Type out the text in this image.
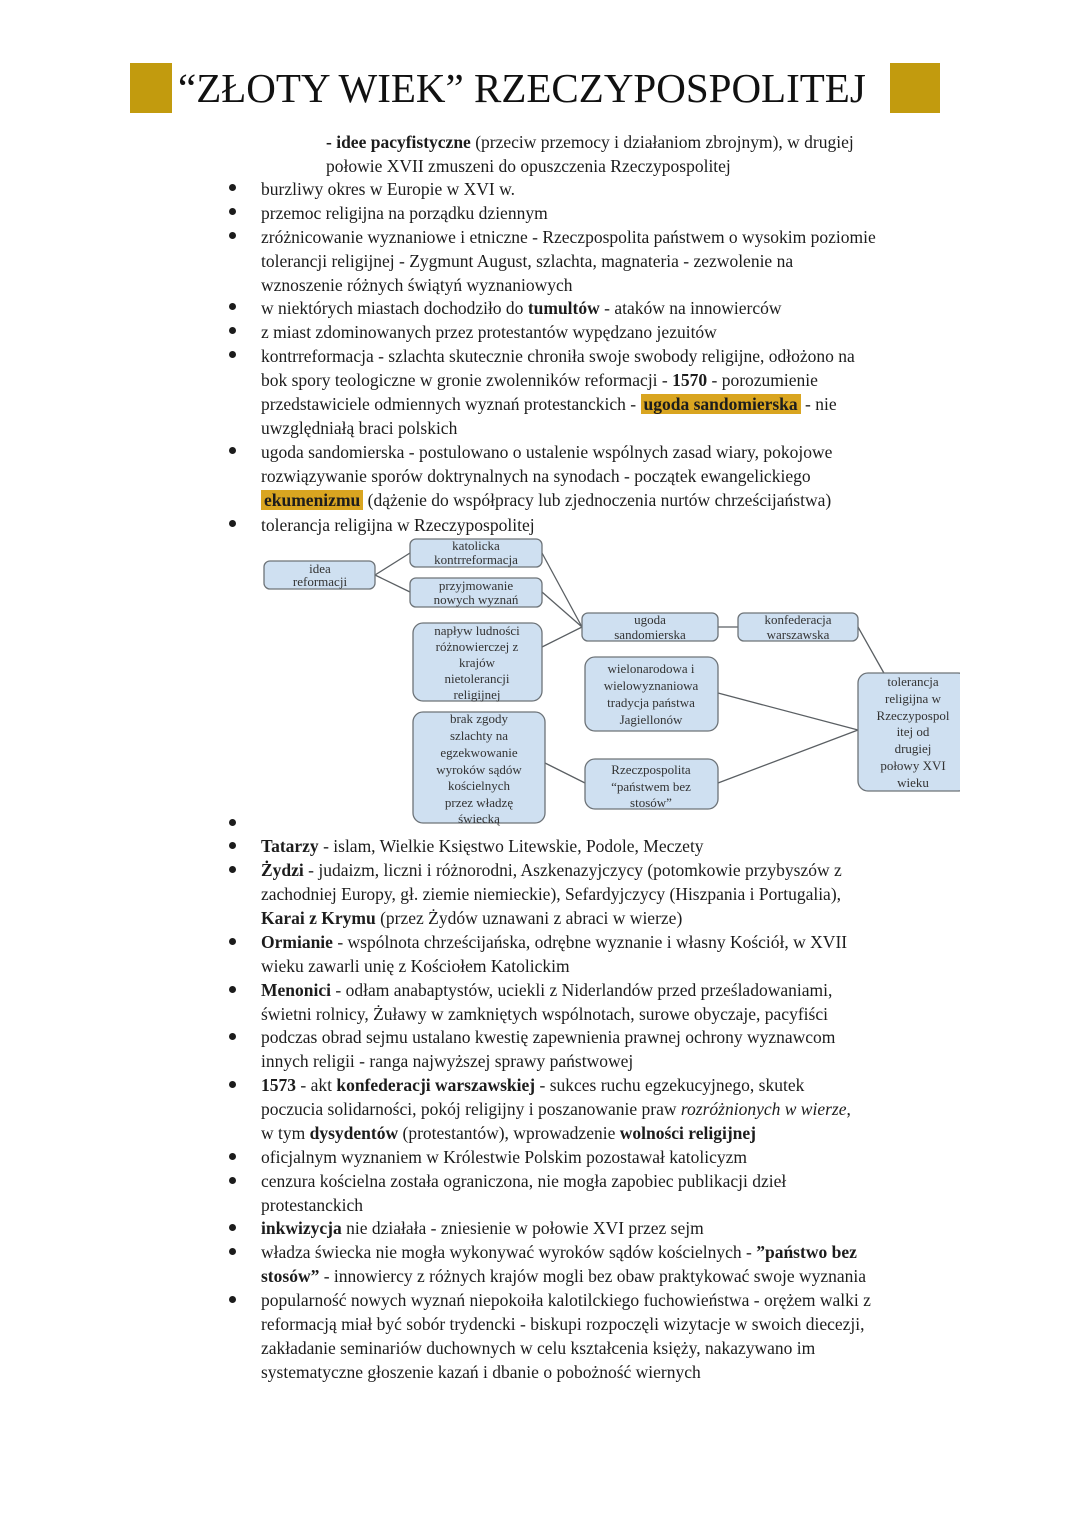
“ZŁOTY WIEK” RZECZYPOSPOLITEJ
- idee pacyfistyczne (przeciw przemocy i działaniom zbrojnym), w drugiej
połowie XVII zmuszeni do opuszczenia Rzeczypospolitej
burzliwy okres w Europie w XVI w.
przemoc religijna na porządku dziennym
zróżnicowanie wyznaniowe i etniczne - Rzeczpospolita państwem o wysokim poziomie
tolerancji religijnej - Zygmunt August, szlachta, magnateria - zezwolenie na
wznoszenie różnych świątyń wyznaniowych
w niektórych miastach dochodziło do tumultów - ataków na innowierców
z miast zdominowanych przez protestantów wypędzano jezuitów
kontrreformacja - szlachta skutecznie chroniła swoje swobody religijne, odłożono na
bok spory teologiczne w gronie zwolenników reformacji - 1570 - porozumienie
przedstawiciele odmiennych wyznań protestanckich - ugoda sandomierska - nie
uwzględniałą braci polskich
ugoda sandomierska - postulowano o ustalenie wspólnych zasad wiary, pokojowe
rozwiązywanie sporów doktrynalnych na synodach - początek ewangelickiego
ekumenizmu (dążenie do współpracy lub zjednoczenia nurtów chrześcijaństwa)
tolerancja religijna w Rzeczypospolitej
idea
reformacji
katolicka
kontrreformacja
przyjmowanie
nowych wyznań
napływ ludności
różnowierczej z
krajów
nietolerancji
religijnej
brak zgody
szlachty na
egzekwowanie
wyroków sądów
kościelnych
przez władzę
świecką
ugoda
sandomierska
konfederacja
warszawska
wielonarodowa i
wielowyznaniowa
tradycja państwa
Jagiellonów
Rzeczpospolita
“państwem bez
stosów”
tolerancja
religijna w
Rzeczypospol
itej od
drugiej
połowy XVI
wieku
Tatarzy - islam, Wielkie Księstwo Litewskie, Podole, Meczety
Żydzi - judaizm, liczni i różnorodni, Aszkenazyjczycy (potomkowie przybyszów z
zachodniej Europy, gł. ziemie niemieckie), Sefardyjczycy (Hiszpania i Portugalia),
Karai z Krymu (przez Żydów uznawani z abraci w wierze)
Ormianie - wspólnota chrześcijańska, odrębne wyznanie i własny Kościół, w XVII
wieku zawarli unię z Kościołem Katolickim
Menonici - odłam anabaptystów, uciekli z Niderlandów przed prześladowaniami,
świetni rolnicy, Żuławy w zamkniętych wspólnotach, surowe obyczaje, pacyfiści
podczas obrad sejmu ustalano kwestię zapewnienia prawnej ochrony wyznawcom
innych religii - ranga najwyższej sprawy państwowej
1573 - akt konfederacji warszawskiej - sukces ruchu egzekucyjnego, skutek
poczucia solidarności, pokój religijny i poszanowanie praw rozróżnionych w wierze,
w tym dysydentów (protestantów), wprowadzenie wolności religijnej
oficjalnym wyznaniem w Królestwie Polskim pozostawał katolicyzm
cenzura kościelna została ograniczona, nie mogła zapobiec publikacji dzieł
protestanckich
inkwizycja nie działała - zniesienie w połowie XVI przez sejm
władza świecka nie mogła wykonywać wyroków sądów kościelnych - ”państwo bez
stosów” - innowiercy z różnych krajów mogli bez obaw praktykować swoje wyznania
popularność nowych wyznań niepokoiła kalotilckiego fuchowieństwa - orężem walki z
reformacją miał być sobór trydencki - biskupi rozpoczęli wizytacje w swoich diecezji,
zakładanie seminariów duchownych w celu kształcenia księży, nakazywano im
systematyczne głoszenie kazań i dbanie o pobożność wiernych
